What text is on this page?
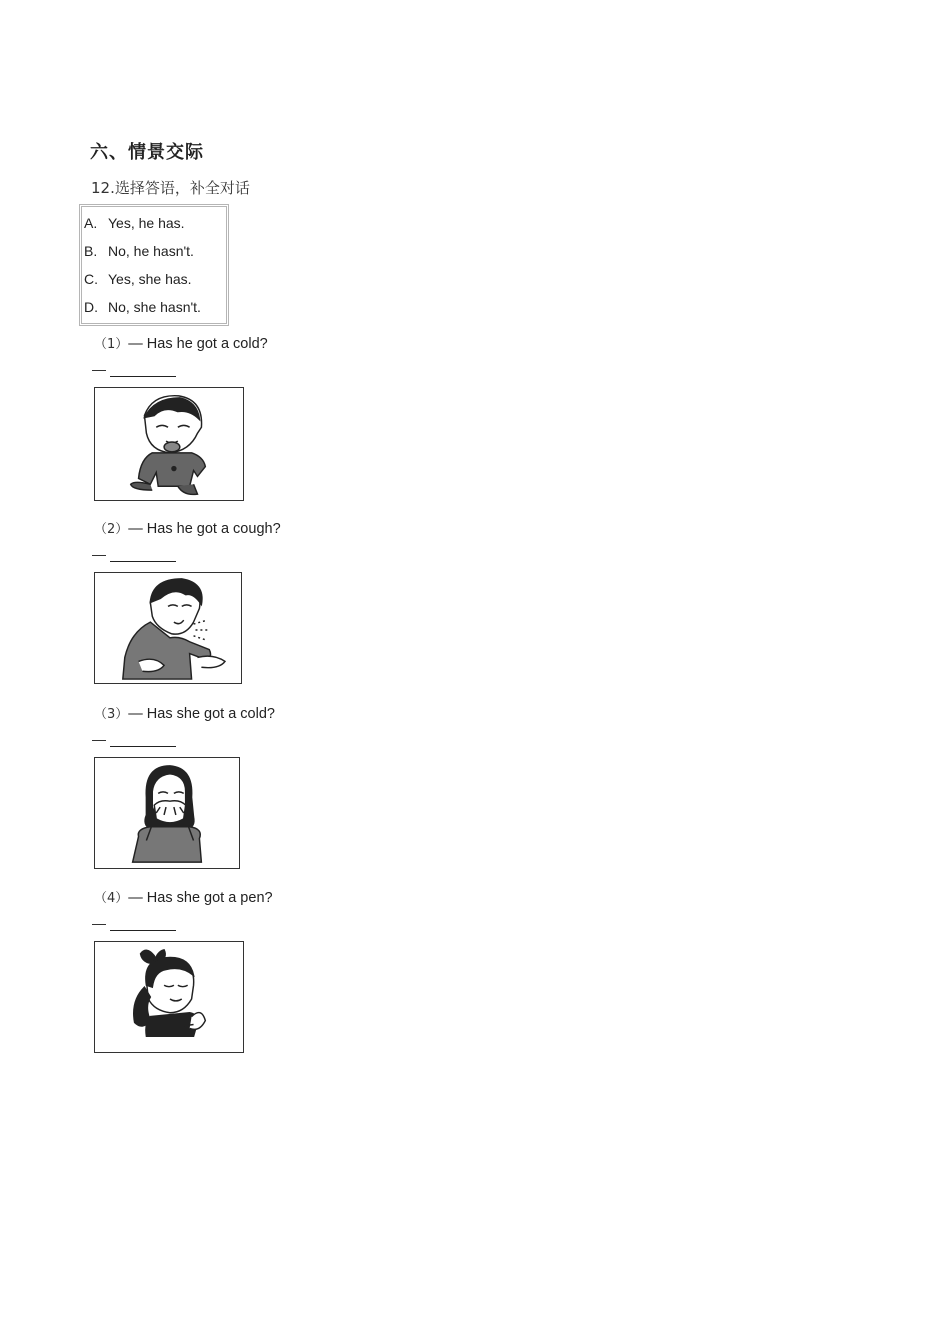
六、情景交际
12.选择答语，补全对话
A. Yes, he has.
B. No, he hasn't.
C. Yes, she has.
D. No, she hasn't.
（1）— Has he got a cold?
—
（2）— Has he got a cough?
—
（3）— Has she got a cold?
—
（4）— Has she got a pen?
—
